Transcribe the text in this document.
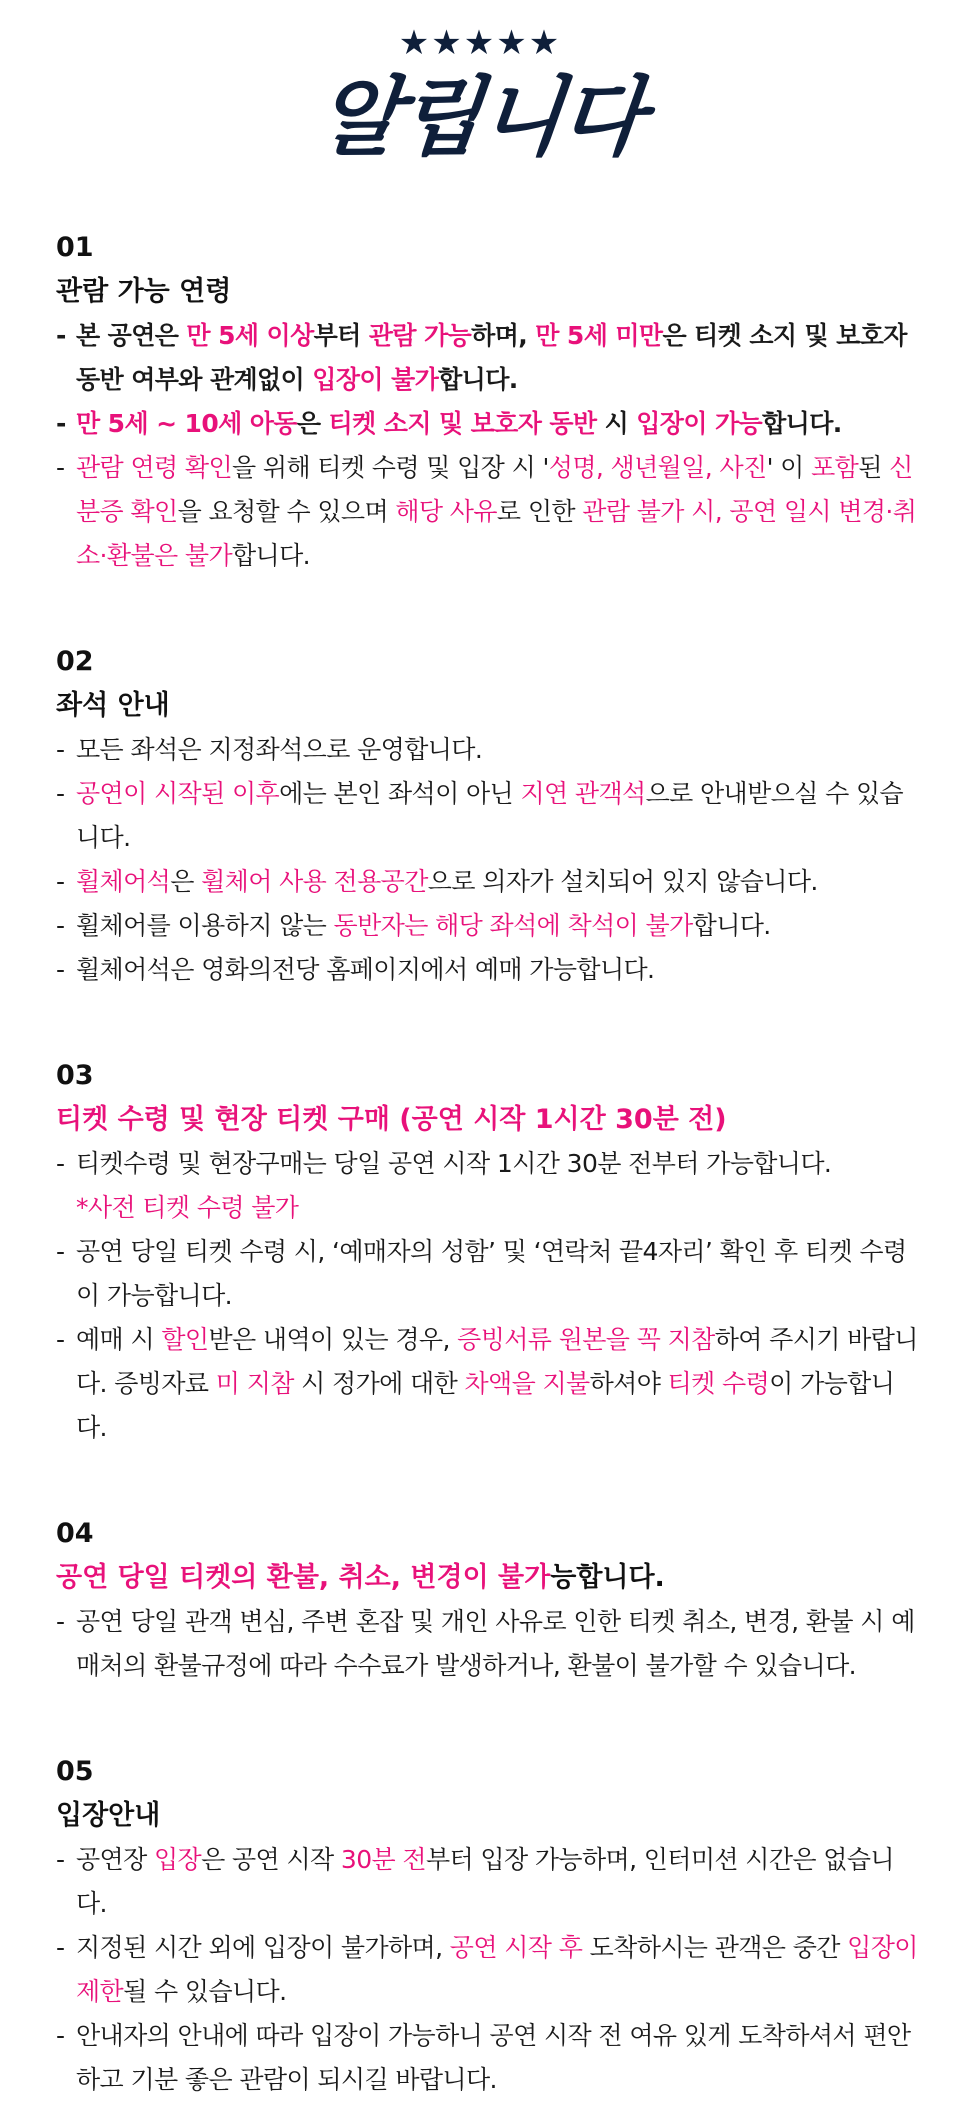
★★★★★
알립니다
01
관람 가능 연령
- 본 공연은 만 5세 이상부터 관람 가능하며, 만 5세 미만은 티켓 소지 및 보호자 동반 여부와 관계없이 입장이 불가합니다.
- 만 5세 ~ 10세 아동은 티켓 소지 및 보호자 동반 시 입장이 가능합니다.
- 관람 연령 확인을 위해 티켓 수령 및 입장 시 '성명, 생년월일, 사진' 이 포함된 신분증 확인을 요청할 수 있으며 해당 사유로 인한 관람 불가 시, 공연 일시 변경·취소·환불은 불가합니다.
02
좌석 안내
- 모든 좌석은 지정좌석으로 운영합니다.
- 공연이 시작된 이후에는 본인 좌석이 아닌 지연 관객석으로 안내받으실 수 있습니다.
- 휠체어석은 휠체어 사용 전용공간으로 의자가 설치되어 있지 않습니다.
- 휠체어를 이용하지 않는 동반자는 해당 좌석에 착석이 불가합니다.
- 휠체어석은 영화의전당 홈페이지에서 예매 가능합니다.
03
티켓 수령 및 현장 티켓 구매 (공연 시작 1시간 30분 전)
- 티켓수령 및 현장구매는 당일 공연 시작 1시간 30분 전부터 가능합니다.
*사전 티켓 수령 불가
- 공연 당일 티켓 수령 시, ‘예매자의 성함’ 및 ‘연락처 끝4자리’ 확인 후 티켓 수령이 가능합니다.
- 예매 시 할인받은 내역이 있는 경우, 증빙서류 원본을 꼭 지참하여 주시기 바랍니다. 증빙자료 미 지참 시 정가에 대한 차액을 지불하셔야 티켓 수령이 가능합니다.
04
공연 당일 티켓의 환불, 취소, 변경이 불가능합니다.
- 공연 당일 관객 변심, 주변 혼잡 및 개인 사유로 인한 티켓 취소, 변경, 환불 시 예매처의 환불규정에 따라 수수료가 발생하거나, 환불이 불가할 수 있습니다.
05
입장안내
- 공연장 입장은 공연 시작 30분 전부터 입장 가능하며, 인터미션 시간은 없습니다.
- 지정된 시간 외에 입장이 불가하며, 공연 시작 후 도착하시는 관객은 중간 입장이 제한될 수 있습니다.
- 안내자의 안내에 따라 입장이 가능하니 공연 시작 전 여유 있게 도착하셔서 편안하고 기분 좋은 관람이 되시길 바랍니다.
